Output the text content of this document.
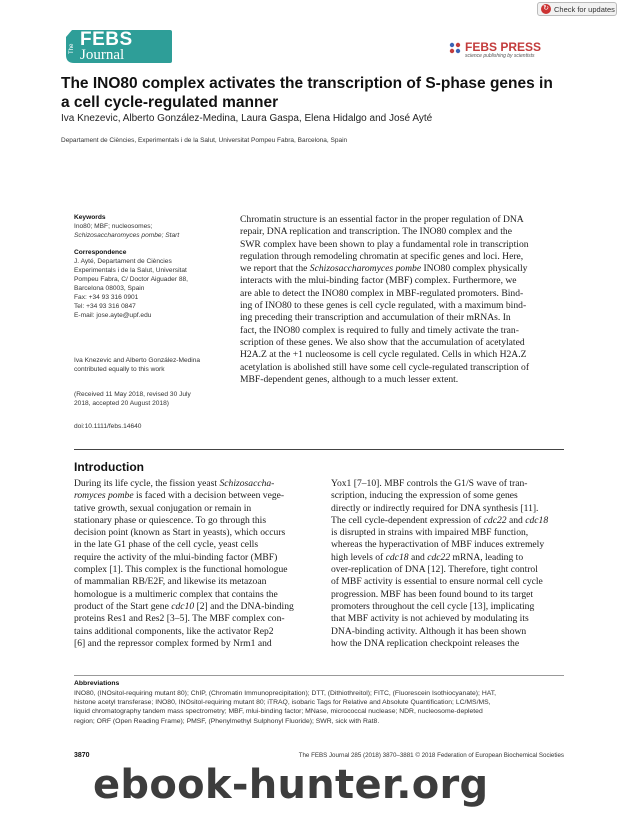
↻ Check for updates
The FEBS
Journal	FEBS PRESS
science publishing by scientists
The INO80 complex activates the transcription of S-phase genes in a cell cycle-regulated manner
Iva Knezevic, Alberto González-Medina, Laura Gaspa, Elena Hidalgo and José Ayté
Departament de Ciències, Experimentals i de la Salut, Universitat Pompeu Fabra, Barcelona, Spain
Keywords
Ino80; MBF; nucleosomes;
Schizosaccharomyces pombe; Start
Correspondence
J. Ayté, Departament de Ciències
Experimentals i de la Salut, Universitat
Pompeu Fabra, C/ Doctor Aiguader 88,
Barcelona 08003, Spain
Fax: +34 93 316 0901
Tel: +34 93 316 0847
E-mail: jose.ayte@upf.edu
Iva Knezevic and Alberto González-Medina
contributed equally to this work
(Received 11 May 2018, revised 30 July
2018, accepted 20 August 2018)
doi:10.1111/febs.14640
Chromatin structure is an essential factor in the proper regulation of DNA
repair, DNA replication and transcription. The INO80 complex and the
SWR complex have been shown to play a fundamental role in transcription
regulation through remodeling chromatin at specific genes and loci. Here,
we report that the Schizosaccharomyces pombe INO80 complex physically
interacts with the mlui-binding factor (MBF) complex. Furthermore, we
are able to detect the INO80 complex in MBF-regulated promoters. Bind-
ing of INO80 to these genes is cell cycle regulated, with a maximum bind-
ing preceding their transcription and accumulation of their mRNAs. In
fact, the INO80 complex is required to fully and timely activate the tran-
scription of these genes. We also show that the accumulation of acetylated
H2A.Z at the +1 nucleosome is cell cycle regulated. Cells in which H2A.Z
acetylation is abolished still have some cell cycle-regulated transcription of
MBF-dependent genes, although to a much lesser extent.
Introduction
During its life cycle, the fission yeast Schizosaccha-
romyces pombe is faced with a decision between vege-
tative growth, sexual conjugation or remain in
stationary phase or quiescence. To go through this
decision point (known as Start in yeasts), which occurs
in the late G1 phase of the cell cycle, yeast cells
require the activity of the mlui-binding factor (MBF)
complex [1]. This complex is the functional homologue
of mammalian RB/E2F, and likewise its metazoan
homologue is a multimeric complex that contains the
product of the Start gene cdc10 [2] and the DNA-binding
proteins Res1 and Res2 [3–5]. The MBF complex con-
tains additional components, like the activator Rep2
[6] and the repressor complex formed by Nrm1 and
Yox1 [7–10]. MBF controls the G1/S wave of tran-
scription, inducing the expression of some genes
directly or indirectly required for DNA synthesis [11].
The cell cycle-dependent expression of cdc22 and cdc18
is disrupted in strains with impaired MBF function,
whereas the hyperactivation of MBF induces extremely
high levels of cdc18 and cdc22 mRNA, leading to
over-replication of DNA [12]. Therefore, tight control
of MBF activity is essential to ensure normal cell cycle
progression. MBF has been found bound to its target
promoters throughout the cell cycle [13], implicating
that MBF activity is not achieved by modulating its
DNA-binding activity. Although it has been shown
how the DNA replication checkpoint releases the
Abbreviations
INO80, (INOsitol-requiring mutant 80); ChIP, (Chromatin Immunoprecipitation); DTT, (Dithiothreitol); FITC, (Fluorescein Isothiocyanate); HAT,
histone acetyl transferase; INO80, INOsitol-requiring mutant 80; iTRAQ, isobaric Tags for Relative and Absolute Quantification; LC/MS/MS,
liquid chromatography tandem mass spectrometry; MBF, mlui-binding factor; MNase, micrococcal nuclease; NDR, nucleosome-depleted
region; ORF (Open Reading Frame); PMSF, (Phenylmethyl Sulphonyl Fluoride); SWR, sick with Rat8.
3870	The FEBS Journal 285 (2018) 3870–3881 © 2018 Federation of European Biochemical Societies
ebook-hunter.org
